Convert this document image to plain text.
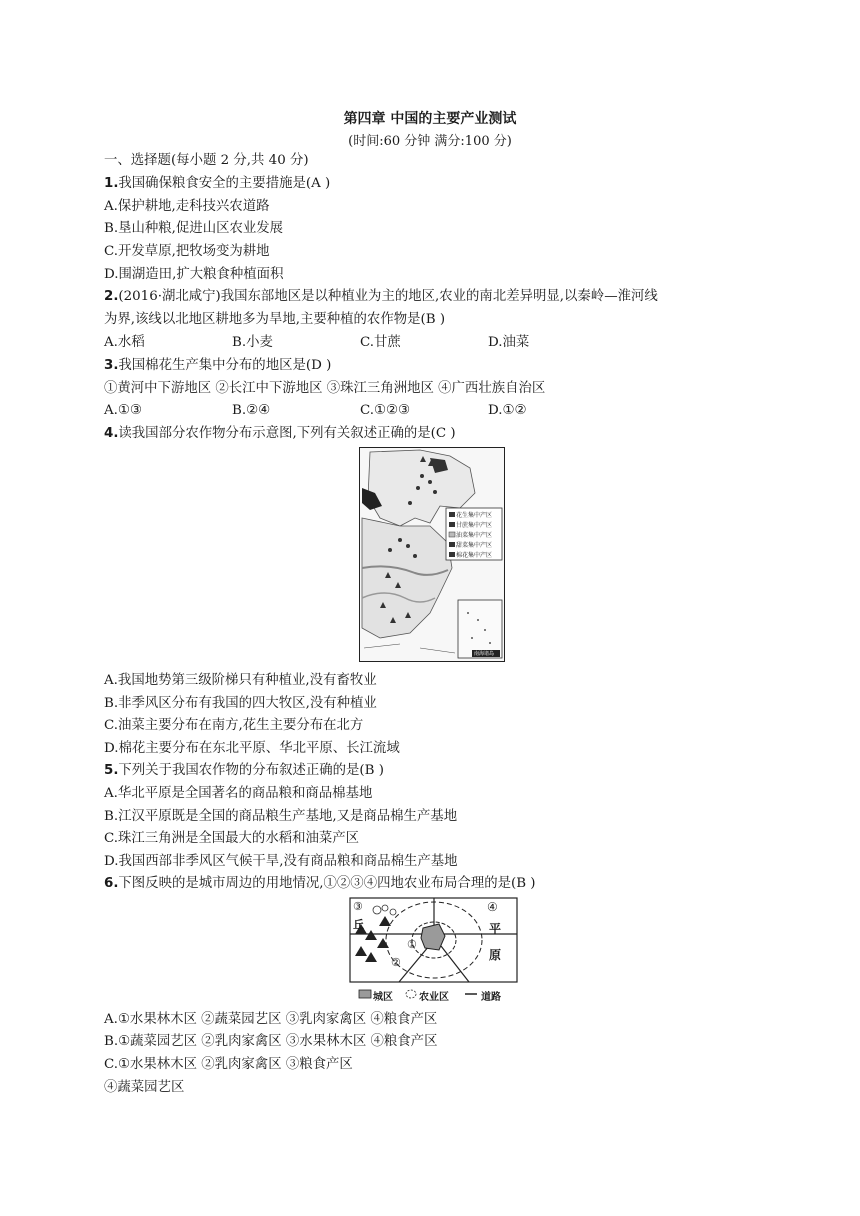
第四章 中国的主要产业测试
(时间:60 分钟 满分:100 分)
一、选择题(每小题 2 分,共 40 分)
1.我国确保粮食安全的主要措施是(A )
A.保护耕地,走科技兴农道路
B.垦山种粮,促进山区农业发展
C.开发草原,把牧场变为耕地
D.围湖造田,扩大粮食种植面积
2.(2016·湖北咸宁)我国东部地区是以种植业为主的地区,农业的南北差异明显,以秦岭—淮河线
为界,该线以北地区耕地多为旱地,主要种植的农作物是(B )
A.水稻	B.小麦	C.甘蔗	D.油菜
3.我国棉花生产集中分布的地区是(D )
①黄河中下游地区 ②长江中下游地区 ③珠江三角洲地区 ④广西壮族自治区
A.①③	B.②④	C.①②③	D.①②
4.读我国部分农作物分布示意图,下列有关叙述正确的是(C )
花生集中产区
甘蔗集中产区
油菜集中产区
甜菜集中产区
棉花集中产区
南海诸岛
A.我国地势第三级阶梯只有种植业,没有畜牧业
B.非季风区分布有我国的四大牧区,没有种植业
C.油菜主要分布在南方,花生主要分布在北方
D.棉花主要分布在东北平原、华北平原、长江流域
5.下列关于我国农作物的分布叙述正确的是(B )
A.华北平原是全国著名的商品粮和商品棉基地
B.江汉平原既是全国的商品粮生产基地,又是商品棉生产基地
C.珠江三角洲是全国最大的水稻和油菜产区
D.我国西部非季风区气候干旱,没有商品粮和商品棉生产基地
6.下图反映的是城市周边的用地情况,①②③④四地农业布局合理的是(B )
③
丘
④
平
原
①
②
城区	农业区	道路
A.①水果林木区 ②蔬菜园艺区 ③乳肉家禽区 ④粮食产区
B.①蔬菜园艺区 ②乳肉家禽区 ③水果林木区 ④粮食产区
C.①水果林木区 ②乳肉家禽区 ③粮食产区
④蔬菜园艺区
